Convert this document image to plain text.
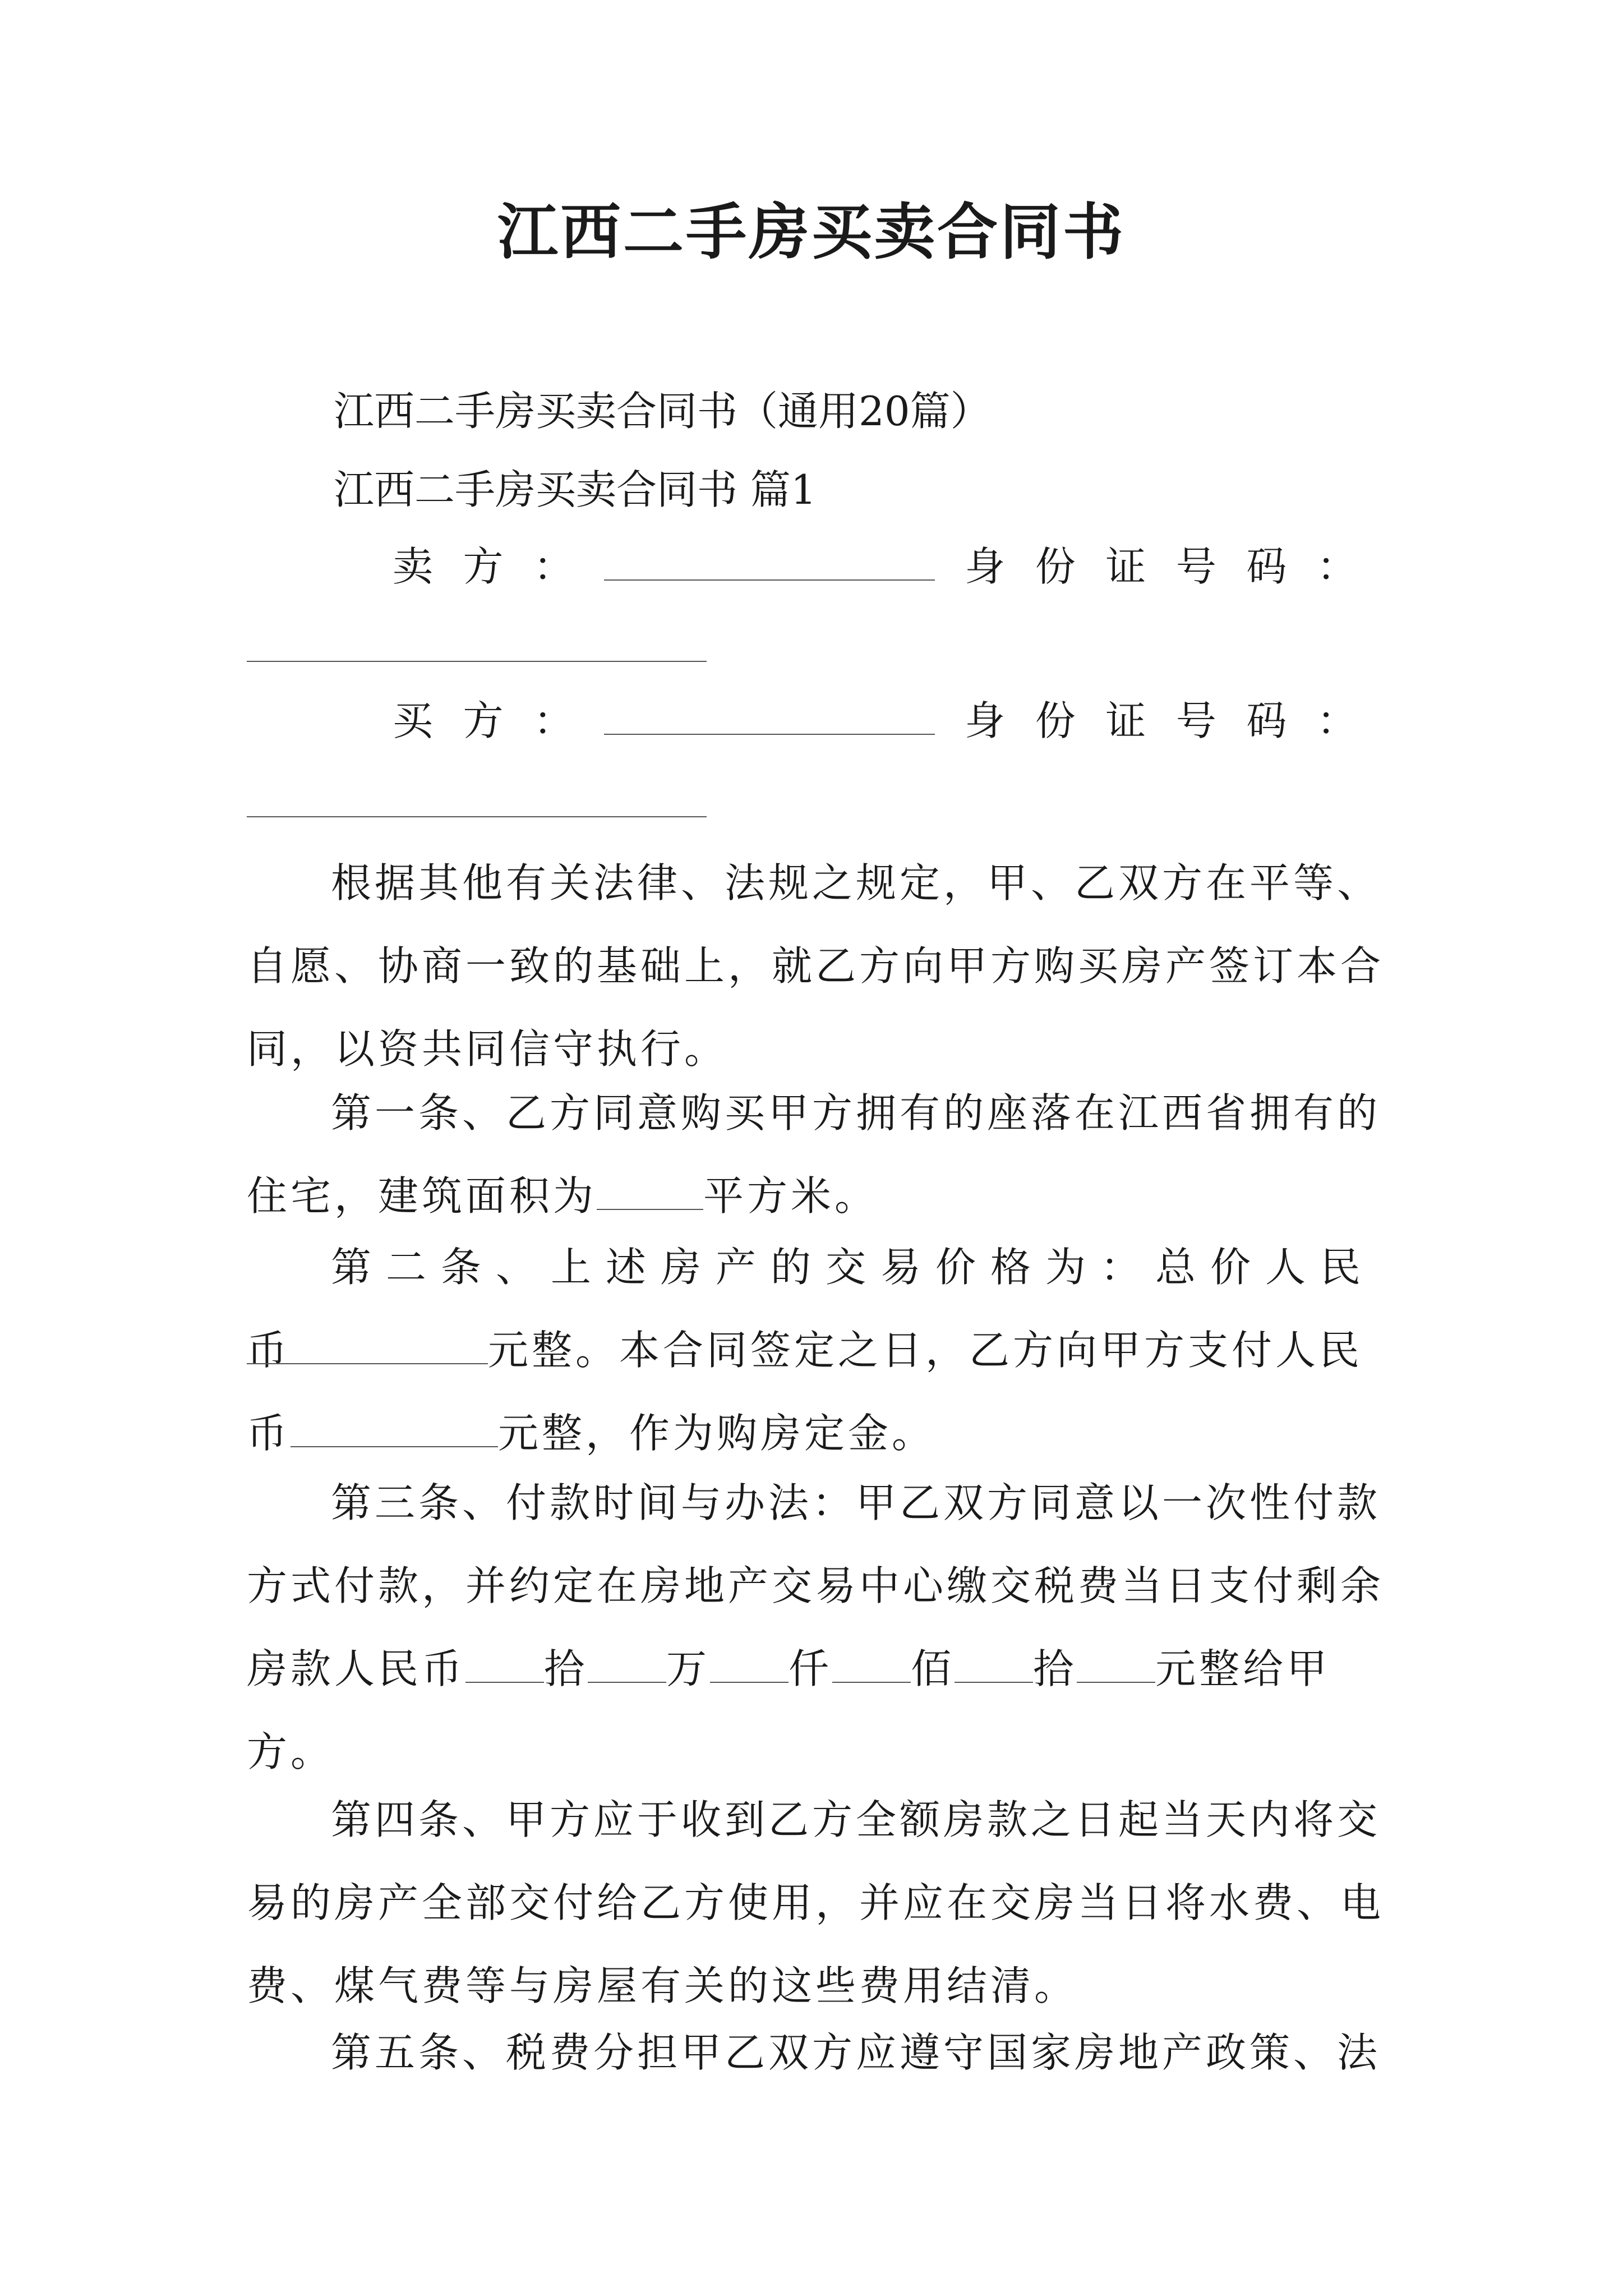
江西二手房买卖合同书
江西二手房买卖合同书（通用20篇）
江西二手房买卖合同书 篇1
卖 方 ：	身 份 证 号 码 ：
买 方 ：	身 份 证 号 码 ：
根据其他有关法律、法规之规定，甲、乙双方在平等、自愿、协商一致的基础上，就乙方向甲方购买房产签订本合同，以资共同信守执行。
第一条、乙方同意购买甲方拥有的座落在江西省拥有的住宅，建筑面积为	平方米。
第二条、上述房产的交易价格为：总价人民币	元整。本合同签定之日，乙方向甲方支付人民币	元整，作为购房定金。
第三条、付款时间与办法：甲乙双方同意以一次性付款方式付款，并约定在房地产交易中心缴交税费当日支付剩余房款人民币 拾 万 仟 佰 拾 元整给甲方。
第四条、甲方应于收到乙方全额房款之日起当天内将交易的房产全部交付给乙方使用，并应在交房当日将水费、电费、煤气费等与房屋有关的这些费用结清。
第五条、税费分担甲乙双方应遵守国家房地产政策、法
